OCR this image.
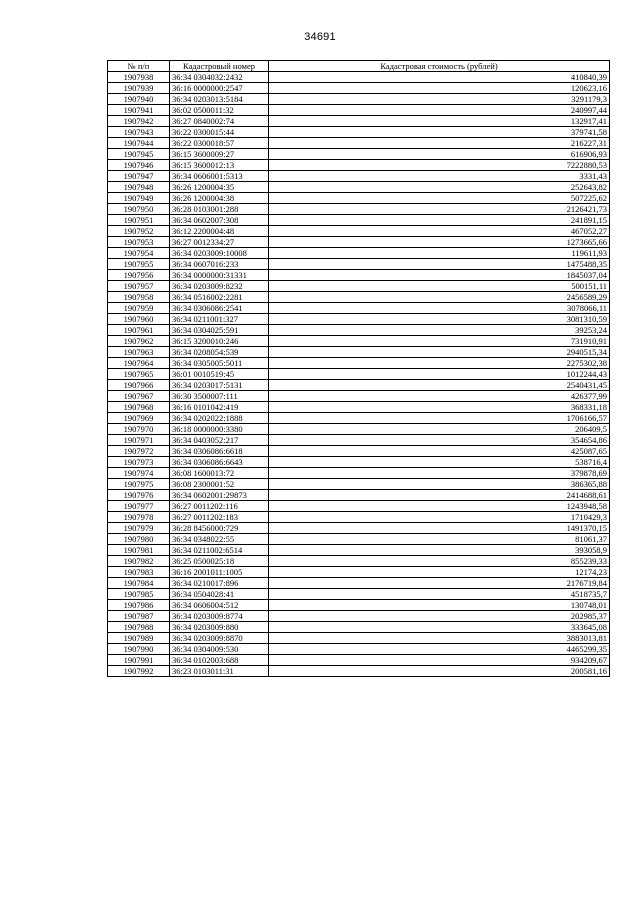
34691
№ п/п	Кадастровый номер	Кадастровая стоимость (рублей)
1907938	36:34 0304032:2432	410840,39
1907939	36:16 0000000:2547	120623,16
1907940	36:34 0203013:5184	3291179,3
1907941	36:02 0500011:32	240997,44
1907942	36:27 0840002:74	132917,41
1907943	36:22 0300015:44	379741,58
1907944	36:22 0300018:57	216227,31
1907945	36:15 3600009:27	616906,93
1907946	36:15 3600012:13	7222880,53
1907947	36:34 0606001:5313	3331,43
1907948	36:26 1200004:35	252643,82
1907949	36:26 1200004:38	507225,62
1907950	36:28 0103001:288	2126421,73
1907951	36:34 0602007:308	241891,15
1907952	36:12 2200004:48	467052,27
1907953	36:27 0012334:27	1273665,66
1907954	36:34 0203009:10008	119611,93
1907955	36:34 0607016:233	1475488,35
1907956	36:34 0000000:31331	1845037,04
1907957	36:34 0203009:8232	500151,11
1907958	36:34 0516002:2281	2456589,29
1907959	36:34 0306086:2541	3078066,11
1907960	36:34 0211001:327	3081310,59
1907961	36:34 0304025:591	39253,24
1907962	36:15 3200010:246	731910,91
1907963	36:34 0208054:539	2940515,34
1907964	36:34 0305005:5011	2275302,38
1907965	36:01 0010519:45	1012244,43
1907966	36:34 0203017:5131	2540431,45
1907967	36:30 3500007:111	426377,99
1907968	36:16 0101042:419	368331,18
1907969	36:34 0202022:1888	1706166,57
1907970	36:18 0000000:3380	206409,5
1907971	36:34 0403052:217	354654,86
1907972	36:34 0306086:6618	425087,65
1907973	36:34 0306086:6643	538716,4
1907974	36:08 1600013:72	379878,69
1907975	36:08 2300001:52	386365,88
1907976	36:34 0602001:29873	2414688,61
1907977	36:27 0011202:116	1243948,58
1907978	36:27 0011202:183	1710429,3
1907979	36:28 8456000:729	1491370,15
1907980	36:34 0348022:55	81061,37
1907981	36:34 0211002:6514	393058,9
1907982	36:25 0500025:18	855239,33
1907983	36:16 2001011:1005	12174,23
1907984	36:34 0210017:896	2176719,84
1907985	36:34 0504028:41	4518735,7
1907986	36:34 0606004:512	130748,01
1907987	36:34 0203009:8774	202985,37
1907988	36:34 0203009:880	333645,08
1907989	36:34 0203009:8870	3883013,81
1907990	36:34 0304009:530	4465299,35
1907991	36:34 0102003:688	934209,67
1907992	36:23 0103011:31	200581,16
